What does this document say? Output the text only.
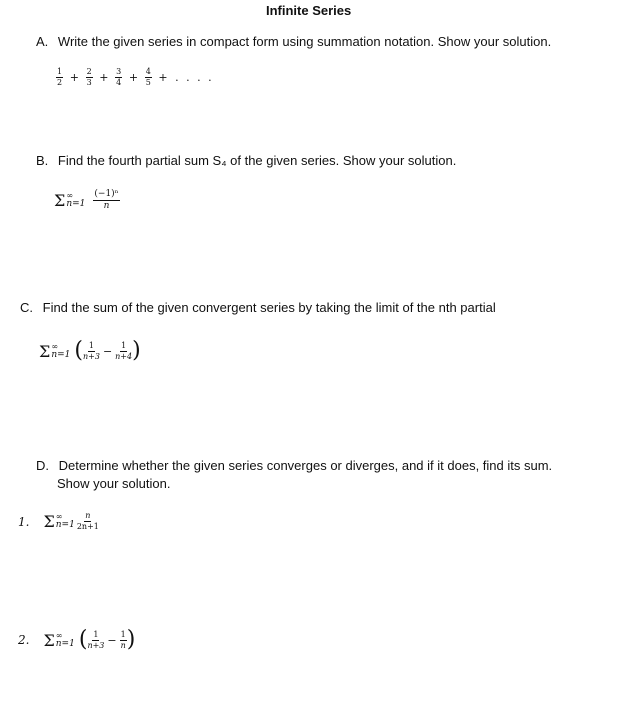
Infinite Series
A. Write the given series in compact form using summation notation. Show your solution.
$\frac{1}{2} + \frac{2}{3} + \frac{3}{4} + \frac{4}{5}$ + . . . .
B. Find the fourth partial sum S₄ of the given series. Show your solution.
Σ ∞
$n=1 \frac{\text{(−1)ⁿ}}{n}$
C. Find the sum of the given convergent series by taking the limit of the nth partial
Σ ∞
n=1 ( $\frac{1}{n+3} - \frac{1}{n+4}$ )
D. Determine whether the given series converges or diverges, and if it does, find its sum.
Show your solution.
1. Σ ∞
$n=1 \frac{n}{2n+1}$
2. Σ ∞
n=1 ( $\frac{1}{n+3} - \frac{1}{n}$ )
